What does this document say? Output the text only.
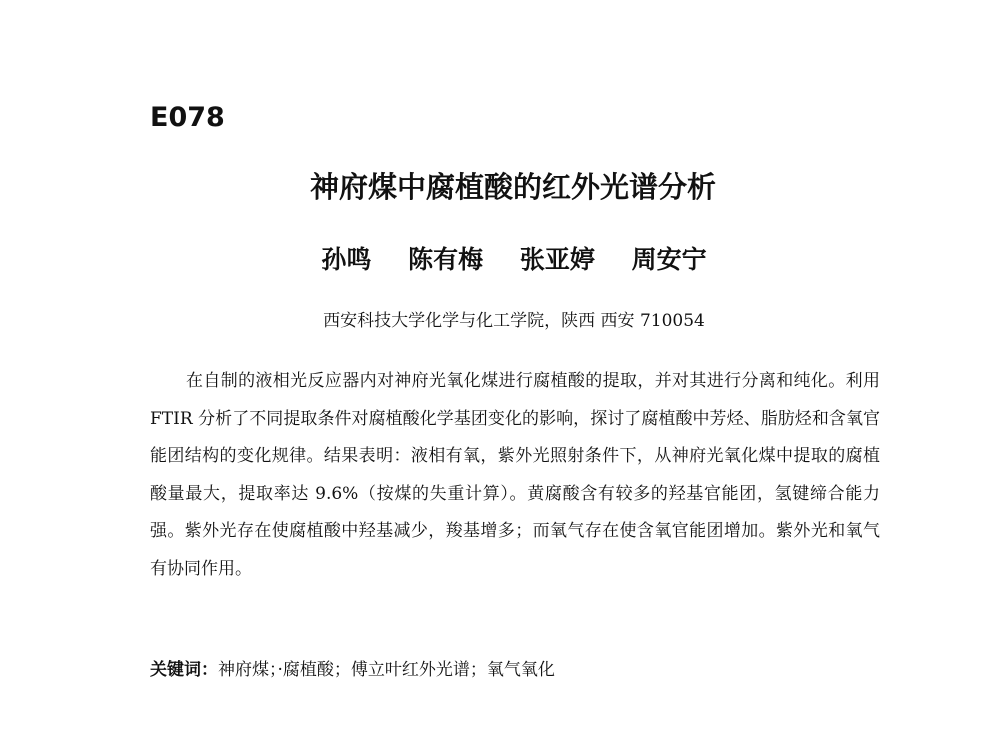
E078
神府煤中腐植酸的红外光谱分析
孙鸣 陈有梅 张亚婷 周安宁
西安科技大学化学与化工学院，陕西 西安 710054

在自制的液相光反应器内对神府光氧化煤进行腐植酸的提取，并对其进行分离和纯化。利用 FTIR 分析了不同提取条件对腐植酸化学基团变化的影响，探讨了腐植酸中芳烃、脂肪烃和含氧官能团结构的变化规律。结果表明：液相有氧，紫外光照射条件下，从神府光氧化煤中提取的腐植酸量最大，提取率达 9.6%（按煤的失重计算）。黄腐酸含有较多的羟基官能团，氢键缔合能力强。紫外光存在使腐植酸中羟基减少，羧基增多；而氧气存在使含氧官能团增加。紫外光和氧气有协同作用。

关键词：神府煤；·腐植酸；傅立叶红外光谱；氧气氧化
